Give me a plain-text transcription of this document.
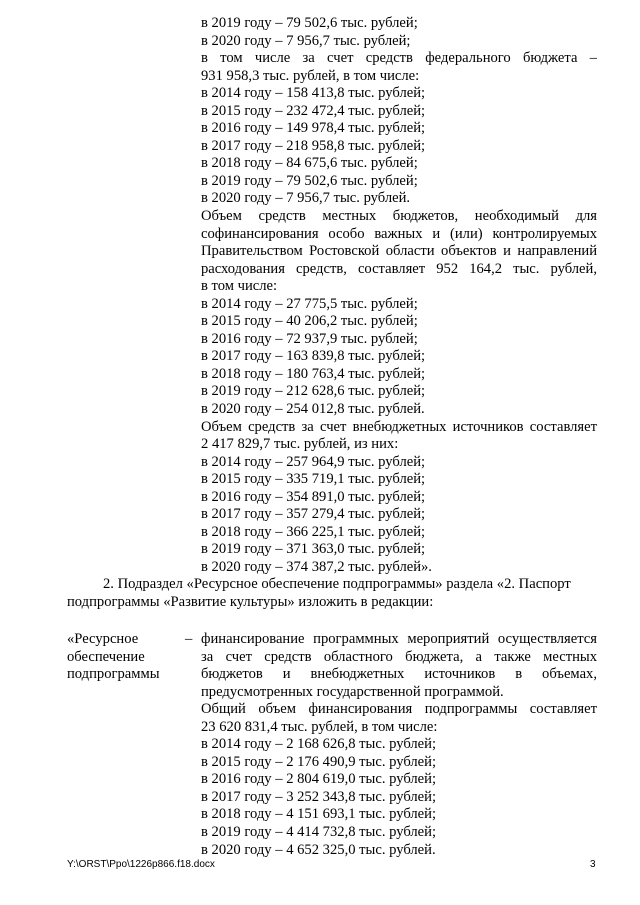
в 2019 году – 79 502,6 тыс. рублей;
в 2020 году – 7 956,7 тыс. рублей;
в том числе за счет средств федерального бюджета –
931 958,3 тыс. рублей, в том числе:
в 2014 году – 158 413,8 тыс. рублей;
в 2015 году – 232 472,4 тыс. рублей;
в 2016 году – 149 978,4 тыс. рублей;
в 2017 году – 218 958,8 тыс. рублей;
в 2018 году – 84 675,6 тыс. рублей;
в 2019 году – 79 502,6 тыс. рублей;
в 2020 году – 7 956,7 тыс. рублей.
Объем средств местных бюджетов, необходимый для
софинансирования особо важных и (или) контролируемых
Правительством Ростовской области объектов и направлений
расходования средств, составляет 952 164,2 тыс. рублей,
в том числе:
в 2014 году – 27 775,5 тыс. рублей;
в 2015 году – 40 206,2 тыс. рублей;
в 2016 году – 72 937,9 тыс. рублей;
в 2017 году – 163 839,8 тыс. рублей;
в 2018 году – 180 763,4 тыс. рублей;
в 2019 году – 212 628,6 тыс. рублей;
в 2020 году – 254 012,8 тыс. рублей.
Объем средств за счет внебюджетных источников составляет
2 417 829,7 тыс. рублей, из них:
в 2014 году – 257 964,9 тыс. рублей;
в 2015 году – 335 719,1 тыс. рублей;
в 2016 году – 354 891,0 тыс. рублей;
в 2017 году – 357 279,4 тыс. рублей;
в 2018 году – 366 225,1 тыс. рублей;
в 2019 году – 371 363,0 тыс. рублей;
в 2020 году – 374 387,2 тыс. рублей».
2. Подраздел «Ресурсное обеспечение подпрограммы» раздела «2. Паспорт
подпрограммы «Развитие культуры» изложить в редакции:
«Ресурсное
обеспечение
подпрограммы
– финансирование программных мероприятий осуществляется
за счет средств областного бюджета, а также местных
бюджетов и внебюджетных источников в объемах,
предусмотренных государственной программой.
Общий объем финансирования подпрограммы составляет
23 620 831,4 тыс. рублей, в том числе:
в 2014 году – 2 168 626,8 тыс. рублей;
в 2015 году – 2 176 490,9 тыс. рублей;
в 2016 году – 2 804 619,0 тыс. рублей;
в 2017 году – 3 252 343,8 тыс. рублей;
в 2018 году – 4 151 693,1 тыс. рублей;
в 2019 году – 4 414 732,8 тыс. рублей;
в 2020 году – 4 652 325,0 тыс. рублей.
Y:\ORST\Ppo\1226p866.f18.docx	3
